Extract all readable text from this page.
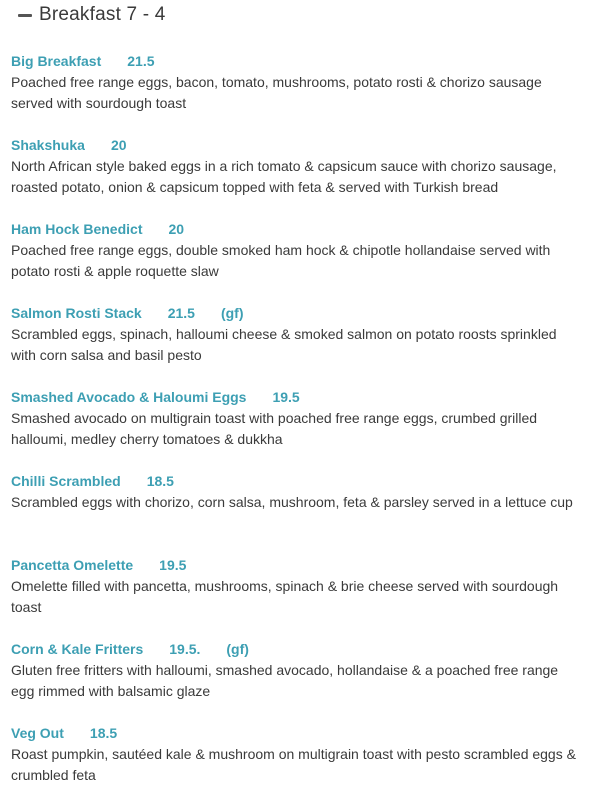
Breakfast 7 - 4
Big Breakfast 21.5
Poached free range eggs, bacon, tomato, mushrooms, potato rosti & chorizo sausage served with sourdough toast
Shakshuka 20
North African style baked eggs in a rich tomato & capsicum sauce with chorizo sausage, roasted potato, onion & capsicum topped with feta & served with Turkish bread
Ham Hock Benedict 20
Poached free range eggs, double smoked ham hock & chipotle hollandaise served with potato rosti & apple roquette slaw
Salmon Rosti Stack 21.5 (gf)
Scrambled eggs, spinach, halloumi cheese & smoked salmon on potato roosts sprinkled with corn salsa and basil pesto
Smashed Avocado & Haloumi Eggs 19.5
Smashed avocado on multigrain toast with poached free range eggs, crumbed grilled halloumi, medley cherry tomatoes & dukkha
Chilli Scrambled 18.5
Scrambled eggs with chorizo, corn salsa, mushroom, feta & parsley served in a lettuce cup
Pancetta Omelette 19.5
Omelette filled with pancetta, mushrooms, spinach & brie cheese served with sourdough toast
Corn & Kale Fritters 19.5. (gf)
Gluten free fritters with halloumi, smashed avocado, hollandaise & a poached free range egg rimmed with balsamic glaze
Veg Out 18.5
Roast pumpkin, sautéed kale & mushroom on multigrain toast with pesto scrambled eggs & crumbled feta
